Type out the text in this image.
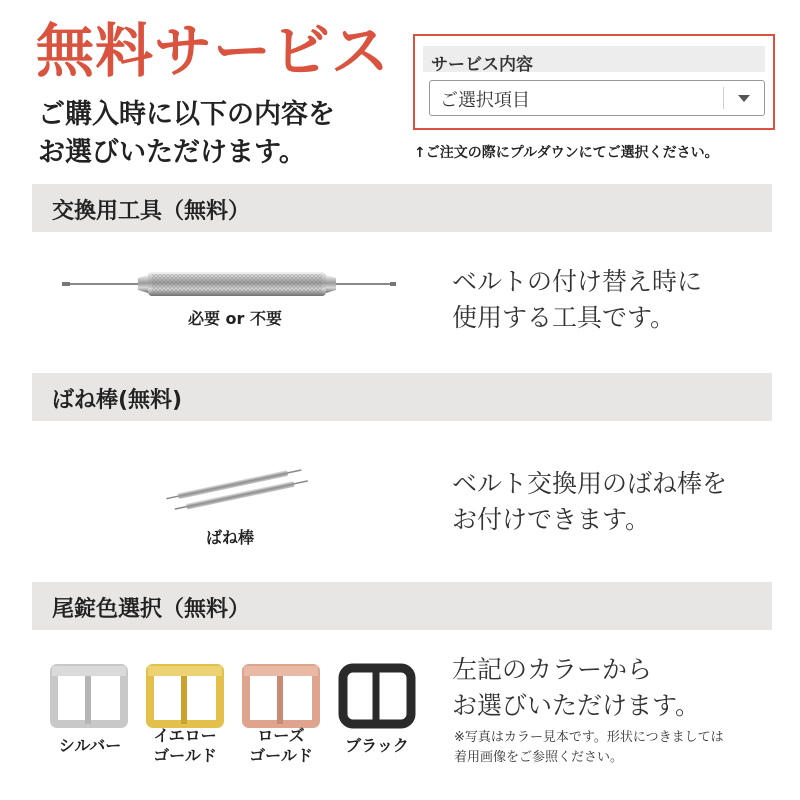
無料サービス
ご購入時に以下の内容を
お選びいただけます。
サービス内容
ご選択項目
↑ご注文の際にプルダウンにてご選択ください。
交換用工具（無料）
必要 or 不要
ベルトの付け替え時に
使用する工具です。
ばね棒(無料)
ばね棒
ベルト交換用のばね棒を
お付けできます。
尾錠色選択（無料）
シルバー
イエロー
ゴールド
ローズ
ゴールド
ブラック
左記のカラーから
お選びいただけます。
※写真はカラー見本です。形状につきましては
着用画像をご参照ください。
